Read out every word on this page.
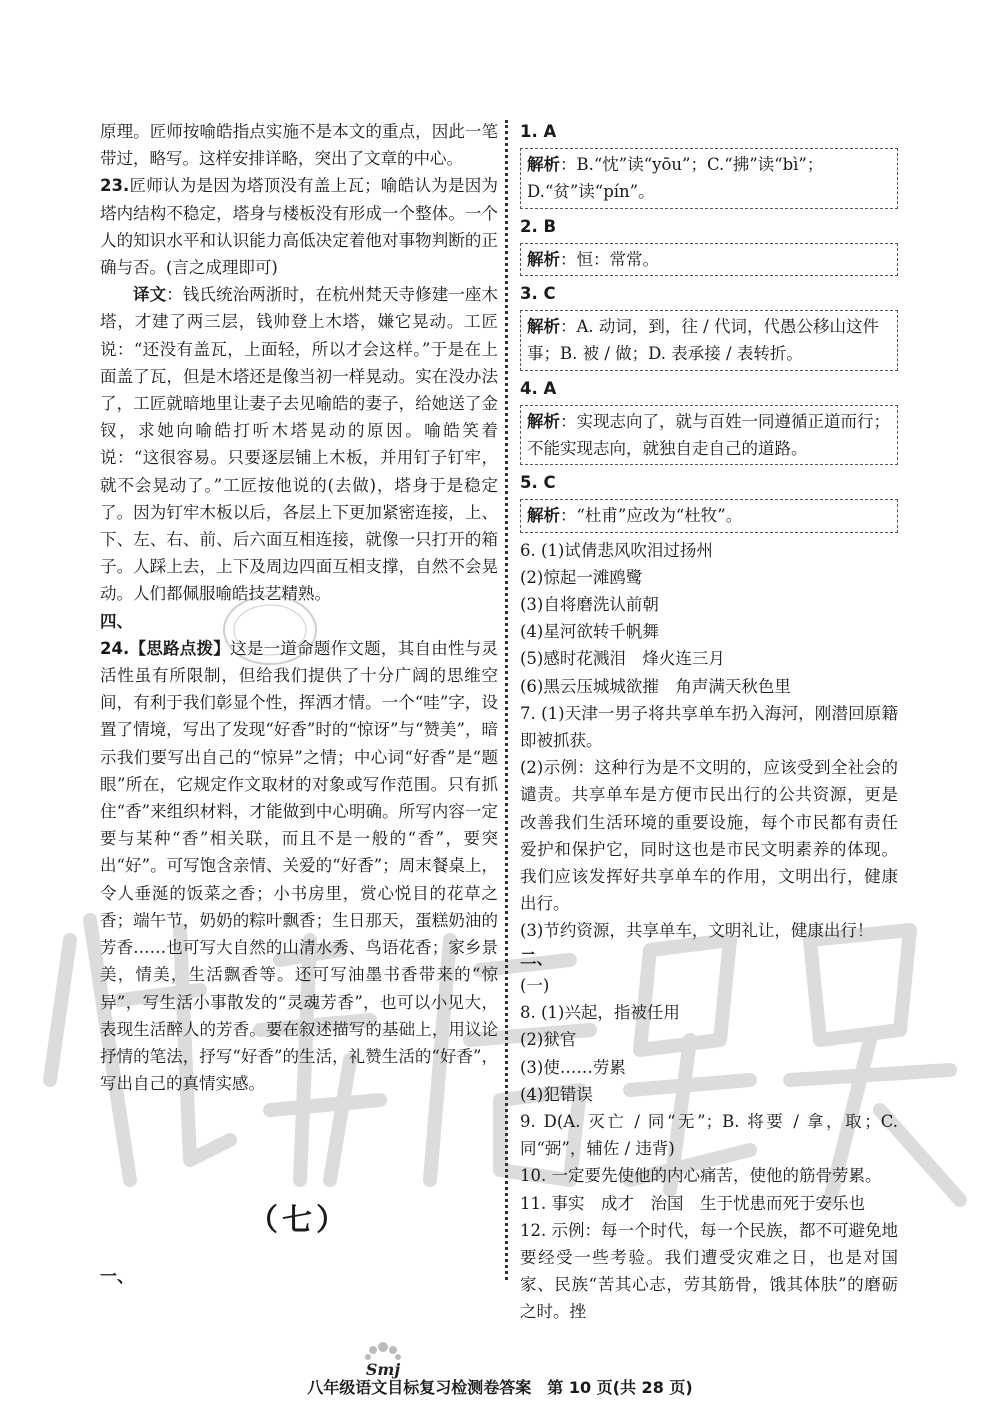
原理。匠师按喻皓指点实施不是本文的重点，因此一笔带过，略写。这样安排详略，突出了文章的中心。

23.匠师认为是因为塔顶没有盖上瓦；喻皓认为是因为塔内结构不稳定，塔身与楼板没有形成一个整体。一个人的知识水平和认识能力高低决定着他对事物判断的正确与否。(言之成理即可)

译文：钱氏统治两浙时，在杭州梵天寺修建一座木塔，才建了两三层，钱帅登上木塔，嫌它晃动。工匠说：“还没有盖瓦，上面轻，所以才会这样。”于是在上面盖了瓦，但是木塔还是像当初一样晃动。实在没办法了，工匠就暗地里让妻子去见喻皓的妻子，给她送了金钗，求她向喻皓打听木塔晃动的原因。喻皓笑着说：“这很容易。只要逐层铺上木板，并用钉子钉牢，就不会晃动了。”工匠按他说的(去做)，塔身于是稳定了。因为钉牢木板以后，各层上下更加紧密连接，上、下、左、右、前、后六面互相连接，就像一只打开的箱子。人踩上去，上下及周边四面互相支撑，自然不会晃动。人们都佩服喻皓技艺精熟。

四、

24.【思路点拨】这是一道命题作文题，其自由性与灵活性虽有所限制，但给我们提供了十分广阔的思维空间，有利于我们彰显个性，挥洒才情。一个“哇”字，设置了情境，写出了发现“好香”时的“惊讶”与“赞美”，暗示我们要写出自己的“惊异”之情；中心词“好香”是“题眼”所在，它规定作文取材的对象或写作范围。只有抓住“香”来组织材料，才能做到中心明确。所写内容一定要与某种“香”相关联，而且不是一般的“香”，要突出“好”。可写饱含亲情、关爱的“好香”；周末餐桌上，令人垂涎的饭菜之香；小书房里，赏心悦目的花草之香；端午节，奶奶的粽叶飘香；生日那天，蛋糕奶油的芳香……也可写大自然的山清水秀、鸟语花香；家乡景美，情美，生活飘香等。还可写油墨书香带来的“惊异”，写生活小事散发的“灵魂芳香”，也可以小见大，表现生活醉人的芳香。要在叙述描写的基础上，用议论抒情的笔法，抒写“好香”的生活，礼赞生活的“好香”，写出自己的真情实感。

（七）
一、

1. A

解析：B.“忱”读“yōu”；C.“拂”读“bì”；D.“贫”读“pín”。

2. B

解析：恒：常常。

3. C

解析：A. 动词，到，往 / 代词，代愚公移山这件事；B. 被 / 做；D. 表承接 / 表转折。

4. A

解析：实现志向了，就与百姓一同遵循正道而行；不能实现志向，就独自走自己的道路。

5. C

解析：“杜甫”应改为“杜牧”。

6. (1)试倩悲风吹泪过扬州

(2)惊起一滩鸥鹭

(3)自将磨洗认前朝

(4)星河欲转千帆舞

(5)感时花溅泪　烽火连三月

(6)黑云压城城欲摧　角声满天秋色里

7. (1)天津一男子将共享单车扔入海河，刚潜回原籍即被抓获。

(2)示例：这种行为是不文明的，应该受到全社会的谴责。共享单车是方便市民出行的公共资源，更是改善我们生活环境的重要设施，每个市民都有责任爱护和保护它，同时这也是市民文明素养的体现。我们应该发挥好共享单车的作用，文明出行，健康出行。

(3)节约资源，共享单车，文明礼让，健康出行！

二、

(一)

8. (1)兴起，指被任用

(2)狱官

(3)使……劳累

(4)犯错误

9. D(A. 灭亡 / 同“无”；B. 将要 / 拿，取；C. 同“弼”，辅佐 / 违背)

10. 一定要先使他的内心痛苦，使他的筋骨劳累。

11. 事实　成才　治国　生于忧患而死于安乐也

12. 示例：每一个时代，每一个民族，都不可避免地要经受一些考验。我们遭受灾难之日，也是对国家、民族“苦其心志，劳其筋骨，饿其体肤”的磨砺之时。挫

Smj
八年级语文目标复习检测卷答案　第 10 页(共 28 页)
